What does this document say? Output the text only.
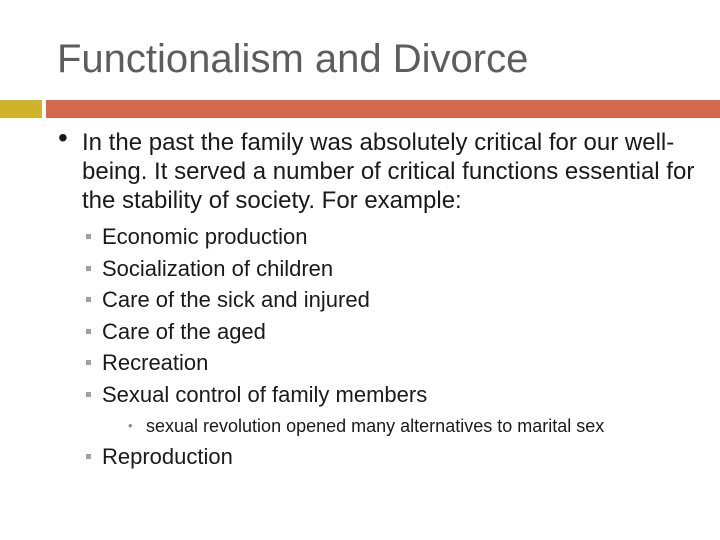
Functionalism and Divorce
• In the past the family was absolutely critical for our well-being. It served a number of critical functions essential for the stability of society. For example:
Economic production
Socialization of children
Care of the sick and injured
Care of the aged
Recreation
Sexual control of family members
• sexual revolution opened many alternatives to marital sex
Reproduction
